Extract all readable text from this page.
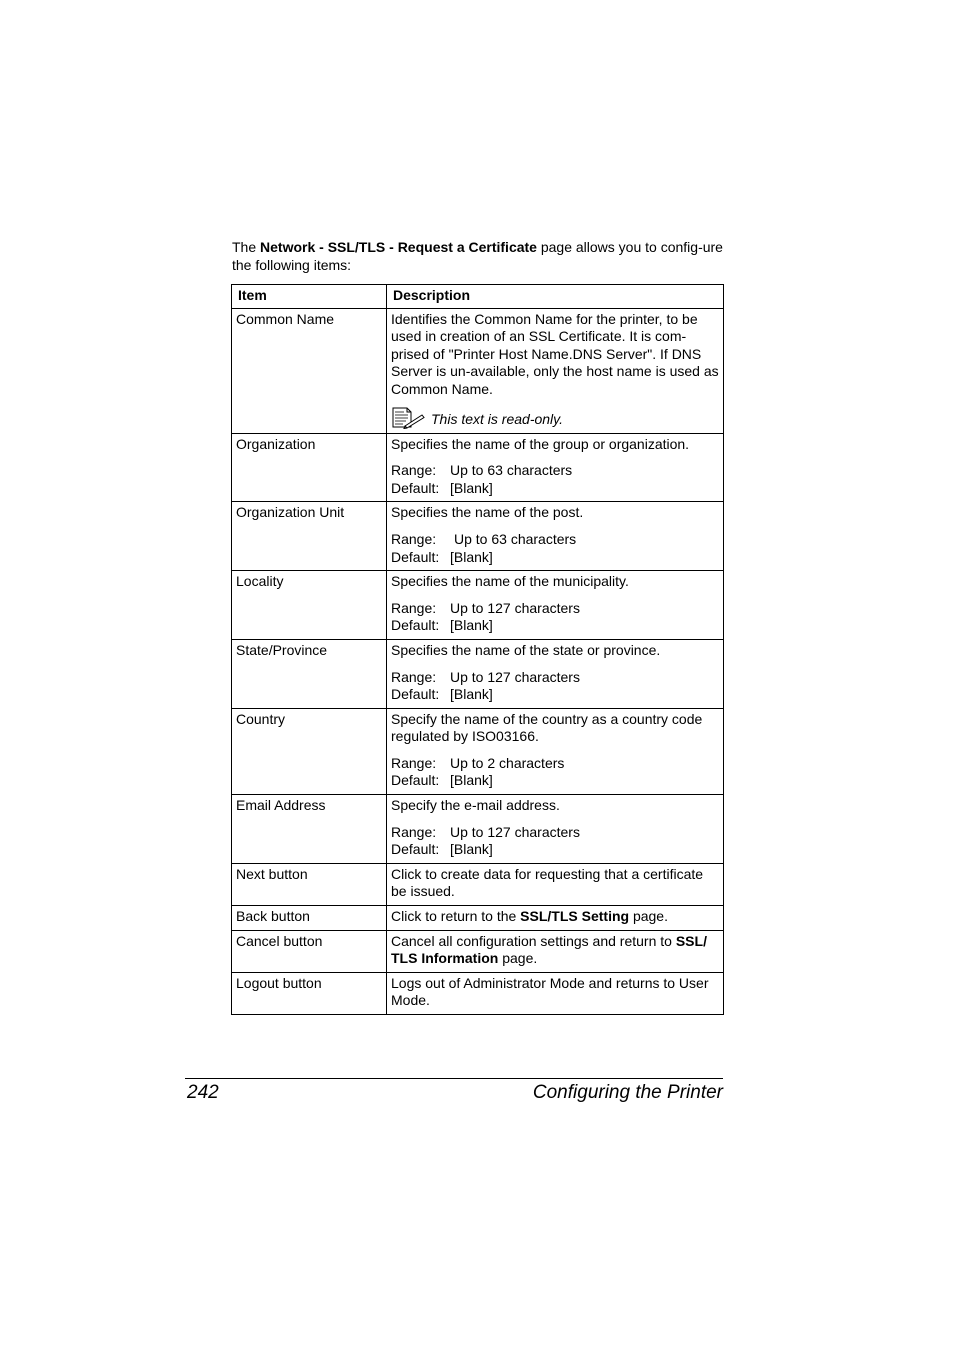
The Network - SSL/TLS - Request a Certificate page allows you to config-ure the following items:

Item	Description
Common Name	Identifies the Common Name for the printer, to be used in creation of an SSL Certificate. It is com-prised of "Printer Host Name.DNS Server". If DNS Server is un-available, only the host name is used as Common Name.
This text is read-only.

Organization	Specifies the name of the group or organization.
Range: Up to 63 characters
Default: [Blank]

Organization Unit	Specifies the name of the post.
Range: Up to 63 characters
Default: [Blank]

Locality	Specifies the name of the municipality.
Range: Up to 127 characters
Default: [Blank]

State/Province	Specifies the name of the state or province.
Range: Up to 127 characters
Default: [Blank]

Country	Specify the name of the country as a country code regulated by ISO03166.
Range: Up to 2 characters
Default: [Blank]

Email Address	Specify the e-mail address.
Range: Up to 127 characters
Default: [Blank]

Next button	Click to create data for requesting that a certificate be issued.
Back button	Click to return to the SSL/TLS Setting page.
Cancel button	Cancel all configuration settings and return to SSL/ TLS Information page.
Logout button	Logs out of Administrator Mode and returns to User Mode.
242	Configuring the Printer
